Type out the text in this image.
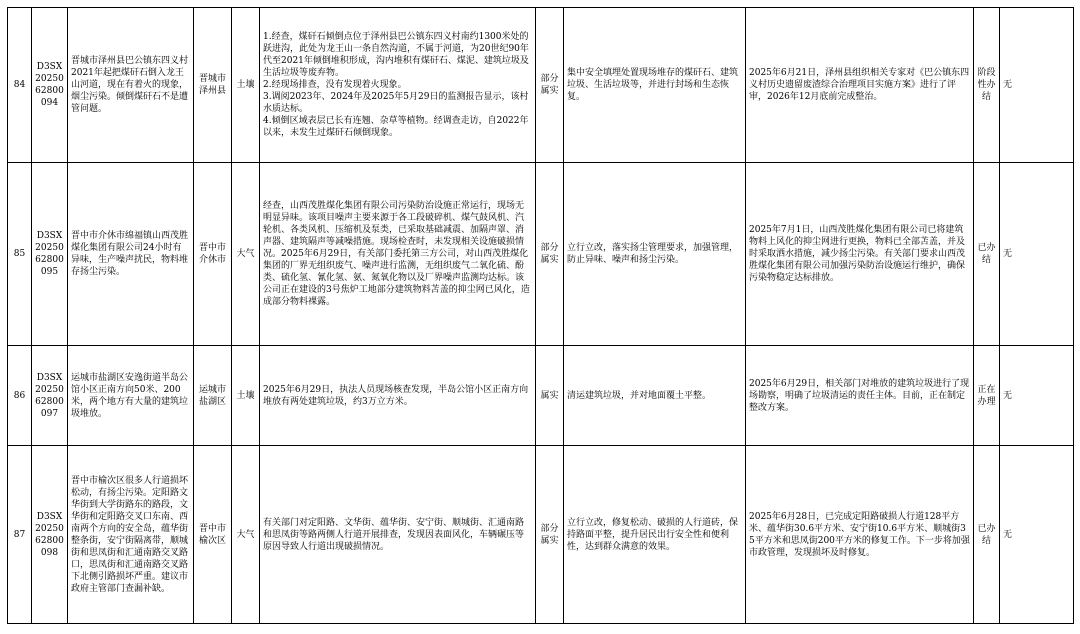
84	D3SX2025062800094	晋城市泽州县巴公镇东四义村2021年起把煤矸石倒入龙王山河道，现在有着火的现象，烟尘污染。倾倒煤矸石不是遭管问题。	晋城市泽州县	土壤	1.经查，煤矸石倾倒点位于泽州县巴公镇东四义村南约1300米处的跃进沟，此处为龙王山一条自然沟道，不属于河道，为20世纪90年代至2021年倾倒堆积形成，沟内堆积有煤矸石、煤泥、建筑垃圾及生活垃圾等废弃物。
2.经现场排查，没有发现着火现象。
3.调阅2023年、2024年及2025年5月29日的监测报告显示，该村水质达标。
4.倾倒区域表层已长有连翘、杂草等植物。经调查走访，自2022年以来，未发生过煤矸石倾倒现象。	部分属实	集中安全填埋处置现场堆存的煤矸石、建筑垃圾、生活垃圾等，并进行封场和生态恢复。	2025年6月21日，泽州县组织相关专家对《巴公镇东四义村历史遗留废渣综合治理项目实施方案》进行了评审，2026年12月底前完成整治。	阶段性办结	无
85	D3SX2025062800095	晋中市介休市绵福镇山西茂胜煤化集团有限公司24小时有异味，生产噪声扰民，物料堆存扬尘污染。	晋中市介休市	大气	经查，山西茂胜煤化集团有限公司污染防治设施正常运行，现场无明显异味。该项目噪声主要来源于各工段破碎机、煤气鼓风机、汽轮机、各类风机、压缩机及泵类，已采取基础减震、加隔声罩、消声器、建筑隔声等减噪措施。现场检查时，未发现相关设施破损情况。2025年6月29日，有关部门委托第三方公司，对山西茂胜煤化集团的厂界无组织废气、噪声进行监测，无组织废气二氧化硫、酚类、硫化氢、氰化氢、氨、氮氧化物以及厂界噪声监测均达标。该公司正在建设的3号焦炉工地部分建筑物料苫盖的抑尘网已风化，造成部分物料裸露。	部分属实	立行立改，落实扬尘管理要求，加强管理，防止异味、噪声和扬尘污染。	2025年7月1日，山西茂胜煤化集团有限公司已将建筑物料上风化的抑尘网进行更换，物料已全部苫盖，并及时采取洒水措施，减少扬尘污染。有关部门要求山西茂胜煤化集团有限公司加强污染防治设施运行维护，确保污染物稳定达标排放。	已办结	无
86	D3SX2025062800097	运城市盐湖区安逸街道半岛公馆小区正南方向50米、200米，两个地方有大量的建筑垃圾堆放。	运城市盐湖区	土壤	2025年6月29日，执法人员现场核查发现，半岛公馆小区正南方向堆放有两处建筑垃圾，约3万立方米。	属实	清运建筑垃圾，并对地面覆土平整。	2025年6月29日，相关部门对堆放的建筑垃圾进行了现场勘察，明确了垃圾清运的责任主体。目前，正在制定整改方案。	正在办理	无
87	D3SX2025062800098	晋中市榆次区很多人行道损坏松动，有扬尘污染。定阳路文华街到大学街路东的路段，文华街和定阳路交叉口东南、西南两个方向的安全岛，蕴华街整条街，安宁街隔离带，顺城街和思凤街和汇通南路交叉路口，思凤街和汇通南路交叉路下北侧引路损坏严重。建议市政府主管部门查漏补缺。	晋中市榆次区	大气	有关部门对定阳路、文华街、蕴华街、安宁街、顺城街、汇通南路和思凤街等路两侧人行道开展排查，发现因表面风化，车辆碾压等原因导致人行道出现破损情况。	部分属实	立行立改，修复松动、破损的人行道砖，保持路面平整，提升居民出行安全性和便利性，达到群众满意的效果。	2025年6月28日，已完成定阳路破损人行道128平方米、蕴华街30.6平方米、安宁街10.6平方米、顺城街35平方米和思凤街200平方米的修复工作。下一步将加强市政管理，发现损坏及时修复。	已办结	无
